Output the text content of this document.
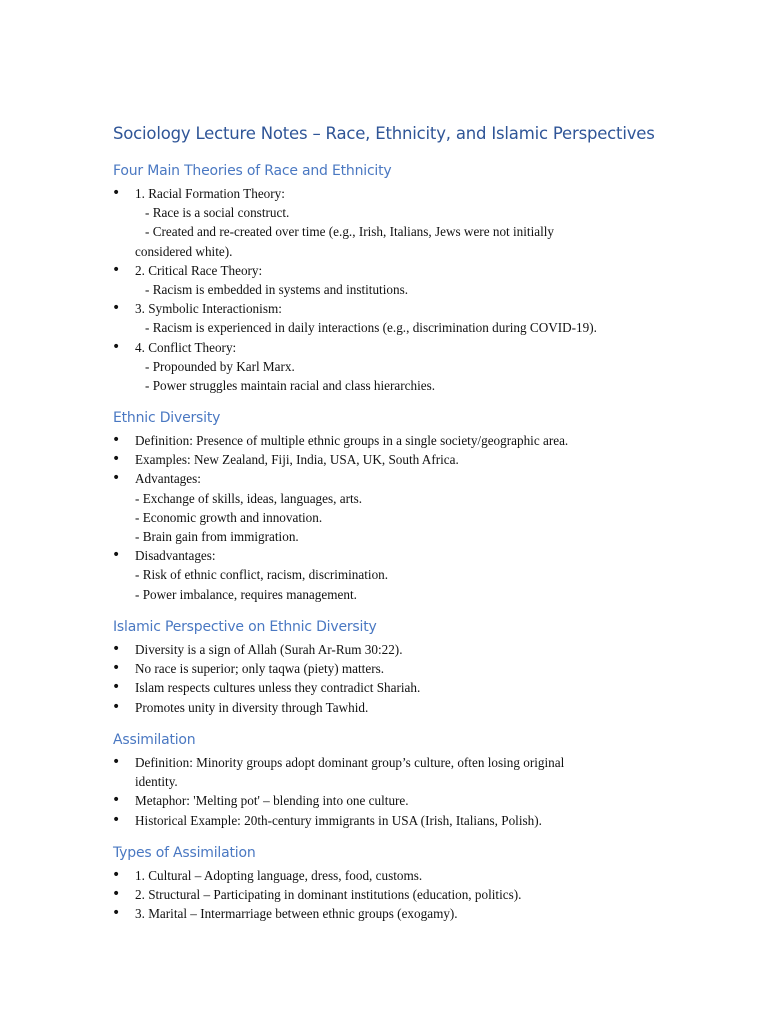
Sociology Lecture Notes – Race, Ethnicity, and Islamic Perspectives
Four Main Theories of Race and Ethnicity
• 1. Racial Formation Theory:
- Race is a social construct.
- Created and re-created over time (e.g., Irish, Italians, Jews were not initially
considered white).
• 2. Critical Race Theory:
- Racism is embedded in systems and institutions.
• 3. Symbolic Interactionism:
- Racism is experienced in daily interactions (e.g., discrimination during COVID-19).
• 4. Conflict Theory:
- Propounded by Karl Marx.
- Power struggles maintain racial and class hierarchies.
Ethnic Diversity
• Definition: Presence of multiple ethnic groups in a single society/geographic area.
• Examples: New Zealand, Fiji, India, USA, UK, South Africa.
• Advantages:
- Exchange of skills, ideas, languages, arts.
- Economic growth and innovation.
- Brain gain from immigration.
• Disadvantages:
- Risk of ethnic conflict, racism, discrimination.
- Power imbalance, requires management.
Islamic Perspective on Ethnic Diversity
• Diversity is a sign of Allah (Surah Ar-Rum 30:22).
• No race is superior; only taqwa (piety) matters.
• Islam respects cultures unless they contradict Shariah.
• Promotes unity in diversity through Tawhid.
Assimilation
• Definition: Minority groups adopt dominant group’s culture, often losing original
identity.
• Metaphor: 'Melting pot' – blending into one culture.
• Historical Example: 20th-century immigrants in USA (Irish, Italians, Polish).
Types of Assimilation
• 1. Cultural – Adopting language, dress, food, customs.
• 2. Structural – Participating in dominant institutions (education, politics).
• 3. Marital – Intermarriage between ethnic groups (exogamy).
